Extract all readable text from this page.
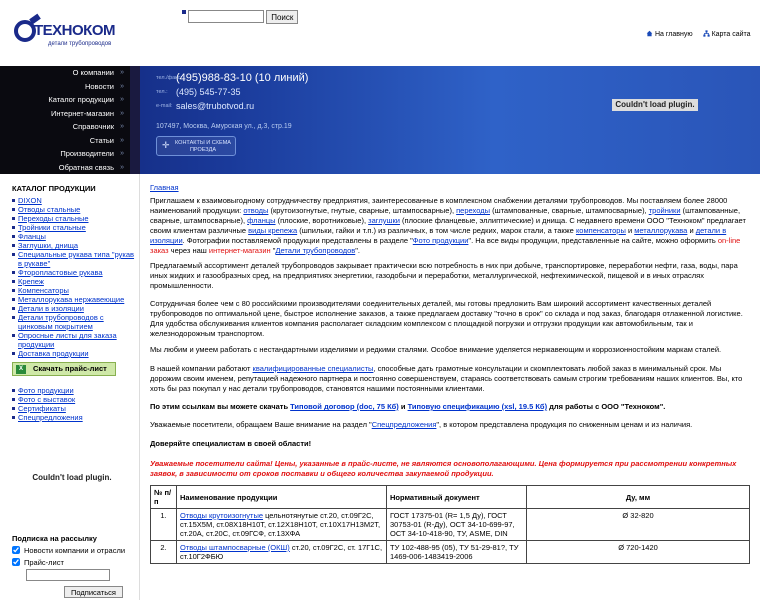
ТЕХНОКОМ
детали трубопроводов
Поиск
На главную	Карта сайта
О компании »
Новости »
Каталог продукции »
Интернет-магазин »
Справочник »
Статьи »
Производители »
Обратная связь »
тел./факс:
(495)988-83-10 (10 линий)
тел.: (495) 545-77-35
e-mail: sales@trubotvod.ru
107497, Москва, Амурская ул., д.3, стр.19
✛ КОНТАКТЫ И СХЕМА ПРОЕЗДА
Couldn't load plugin.
КАТАЛОГ ПРОДУКЦИИ
DIXON
Отводы стальные
Переходы стальные
Тройники стальные
Фланцы
Заглушки, днища
Специальные рукава типа "рукав в рукаве"
Фторопластовые рукава
Крепеж
Компенсаторы
Металлорукава нержавеющие
Детали в изоляции
Детали трубопроводов с цинковым покрытием
Опросные листы для заказа продукции
Доставка продукции
X	Скачать прайс-лист
Фото продукции
Фото с выставок
Сертификаты
Спецпредложения
Couldn't load plugin.
Подписка на рассылку
Новости компании и отрасли
Прайс-лист
Подписаться
Главная
Приглашаем к взаимовыгодному сотрудничеству предприятия, заинтересованные в комплексном снабжении деталями трубопроводов. Мы поставляем более 28000 наименований продукции: отводы (крутоизогнутые, гнутые, сварные, штампосварные), переходы (штампованные, сварные, штампосварные), тройники (штампованные, сварные, штампосварные), фланцы (плоские, воротниковые), заглушки (плоские фланцевые, эллиптические) и днища. С недавнего времени ООО "Техноком" предлагает своим клиентам различные виды крепежа (шпильки, гайки и т.п.) из различных, в том числе редких, марок стали, а также компенсаторы и металлорукава и детали в изоляции. Фотографии поставляемой продукции представлены в разделе "Фото продукции". На все виды продукции, представленные на сайте, можно оформить on-line заказ через наш интернет-магазин "Детали трубопроводов".
Предлагаемый ассортимент деталей трубопроводов закрывает практически всю потребность в них при добыче, транспортировке, переработки нефти, газа, воды, пара иных жидких и газообразных сред, на предприятиях энергетики, газодобычи и переработки, металлургической, нефтехимической, пищевой и в иных отраслях промышленности.
Сотрудничая более чем с 80 российскими производителями соединительных деталей, мы готовы предложить Вам широкий ассортимент качественных деталей трубопроводов по оптимальной цене, быстрое исполнение заказов, а также предлагаем доставку "точно в срок" со склада и под заказ, благодаря отлаженной логистике. Для удобства обслуживания клиентов компания располагает складским комплексом с площадкой погрузки и отгрузки продукции как автомобильным, так и железнодорожным транспортом.
Мы любим и умеем работать с нестандартными изделиями и редкими сталями. Особое внимание уделяется нержавеющим и коррозионностойким маркам сталей.
В нашей компании работают квалифицированные специалисты, способные дать грамотные консультации и скомплектовать любой заказ в минимальный срок. Мы дорожим своим именем, репутацией надежного партнера и постоянно совершенствуем, стараясь соответствовать самым строгим требованиям наших клиентов. Вы, кто хоть бы раз покупал у нас детали трубопроводов, становятся нашими постоянными клиентами.
По этим ссылкам вы можете скачать Типовой договор (doc, 75 Кб) и Типовую спецификацию (xsl, 19.5 Кб) для работы с ООО "Техноком".
Уважаемые посетители, обращаем Ваше внимание на раздел "Спецпредложения", в котором представлена продукция по сниженным ценам и из наличия.
Доверяйте специалистам в своей области!
Уважаемые посетители сайта! Цены, указанные в прайс-листе, не являются основополагающими. Цена формируется при рассмотрении конкретных заявок, в зависимости от сроков поставки и общего количества закупаемой продукции.
№ п/п	Наименование продукции	Нормативный документ	Ду, мм
1.	Отводы крутоизогнутые цельнотянутые ст.20, ст.09Г2С, ст.15Х5М, ст.08Х18Н10Т, ст.12Х18Н10Т, ст.10Х17Н13М2Т, ст.20А, ст.20С, ст.09ГСФ, ст.13ХФА	ГОСТ 17375-01 (R= 1,5 Ду), ГОСТ 30753-01 (R-Ду), ОСТ 34-10-699-97, ОСТ 34-10-418-90, ТУ, ASME, DIN	Ø 32-820
2.	Отводы штампосварные (ОКШ) ст.20, ст.09Г2С, ст. 17Г1С, ст.10Г2ФБЮ	ТУ 102-488-95 (05), ТУ 51-29-81?, ТУ 1469-006-1483419-2006	Ø 720-1420
